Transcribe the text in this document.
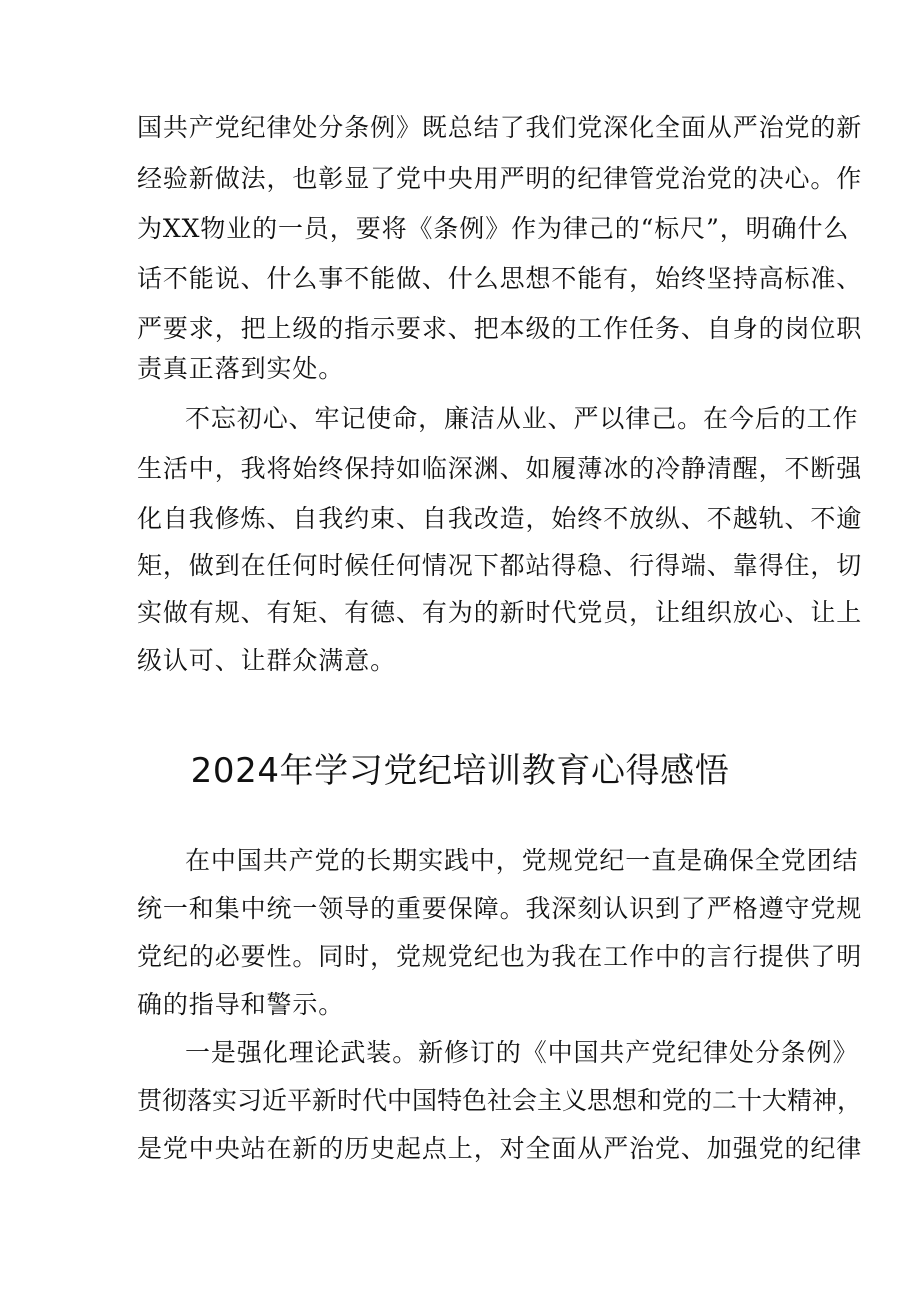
国共产党纪律处分条例》既总结了我们党深化全面从严治党的新
经验新做法，也彰显了党中央用严明的纪律管党治党的决心。作
为XX物业的一员，要将《条例》作为律己的“标尺”，明确什么
话不能说、什么事不能做、什么思想不能有，始终坚持高标准、
严要求，把上级的指示要求、把本级的工作任务、自身的岗位职
责真正落到实处。
不忘初心、牢记使命，廉洁从业、严以律己。在今后的工作
生活中，我将始终保持如临深渊、如履薄冰的冷静清醒，不断强
化自我修炼、自我约束、自我改造，始终不放纵、不越轨、不逾
矩，做到在任何时候任何情况下都站得稳、行得端、靠得住，切
实做有规、有矩、有德、有为的新时代党员，让组织放心、让上
级认可、让群众满意。
2024年学习党纪培训教育心得感悟
在中国共产党的长期实践中，党规党纪一直是确保全党团结
统一和集中统一领导的重要保障。我深刻认识到了严格遵守党规
党纪的必要性。同时，党规党纪也为我在工作中的言行提供了明
确的指导和警示。
一是强化理论武装。新修订的《中国共产党纪律处分条例》
贯彻落实习近平新时代中国特色社会主义思想和党的二十大精神，
是党中央站在新的历史起点上，对全面从严治党、加强党的纪律
